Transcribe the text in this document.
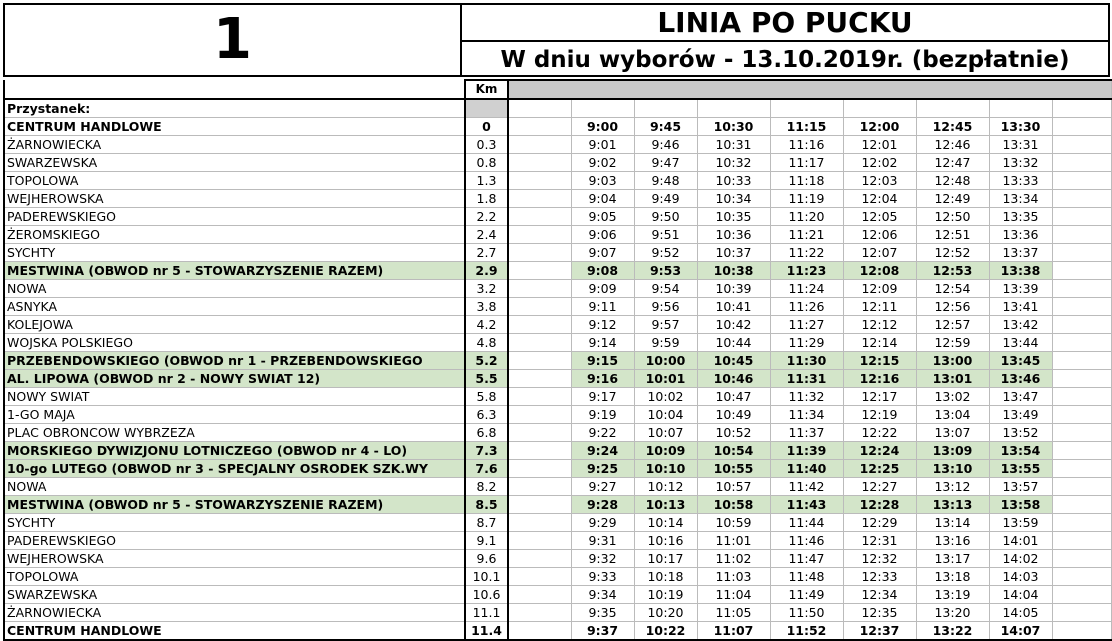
1	LINIA PO PUCKU
W dniu wyborów - 13.10.2019r. (bezpłatnie)
	Km									
Przystanek:										
CENTRUM HANDLOWE	0		9:00	9:45	10:30	11:15	12:00	12:45	13:30	
ŻARNOWIECKA	0.3		9:01	9:46	10:31	11:16	12:01	12:46	13:31	
SWARZEWSKA	0.8		9:02	9:47	10:32	11:17	12:02	12:47	13:32	
TOPOLOWA	1.3		9:03	9:48	10:33	11:18	12:03	12:48	13:33	
WEJHEROWSKA	1.8		9:04	9:49	10:34	11:19	12:04	12:49	13:34	
PADEREWSKIEGO	2.2		9:05	9:50	10:35	11:20	12:05	12:50	13:35	
ŻEROMSKIEGO	2.4		9:06	9:51	10:36	11:21	12:06	12:51	13:36	
SYCHTY	2.7		9:07	9:52	10:37	11:22	12:07	12:52	13:37	
MESTWINA (OBWOD nr 5 - STOWARZYSZENIE RAZEM)	2.9		9:08	9:53	10:38	11:23	12:08	12:53	13:38	
NOWA	3.2		9:09	9:54	10:39	11:24	12:09	12:54	13:39	
ASNYKA	3.8		9:11	9:56	10:41	11:26	12:11	12:56	13:41	
KOLEJOWA	4.2		9:12	9:57	10:42	11:27	12:12	12:57	13:42	
WOJSKA POLSKIEGO	4.8		9:14	9:59	10:44	11:29	12:14	12:59	13:44	
PRZEBENDOWSKIEGO (OBWOD nr 1 - PRZEBENDOWSKIEGO	5.2		9:15	10:00	10:45	11:30	12:15	13:00	13:45	
AL. LIPOWA (OBWOD nr 2 - NOWY SWIAT 12)	5.5		9:16	10:01	10:46	11:31	12:16	13:01	13:46	
NOWY SWIAT	5.8		9:17	10:02	10:47	11:32	12:17	13:02	13:47	
1-GO MAJA	6.3		9:19	10:04	10:49	11:34	12:19	13:04	13:49	
PLAC OBRONCOW WYBRZEZA	6.8		9:22	10:07	10:52	11:37	12:22	13:07	13:52	
MORSKIEGO DYWIZJONU LOTNICZEGO (OBWOD nr 4 - LO)	7.3		9:24	10:09	10:54	11:39	12:24	13:09	13:54	
10-go LUTEGO (OBWOD nr 3 - SPECJALNY OSRODEK SZK.WY	7.6		9:25	10:10	10:55	11:40	12:25	13:10	13:55	
NOWA	8.2		9:27	10:12	10:57	11:42	12:27	13:12	13:57	
MESTWINA (OBWOD nr 5 - STOWARZYSZENIE RAZEM)	8.5		9:28	10:13	10:58	11:43	12:28	13:13	13:58	
SYCHTY	8.7		9:29	10:14	10:59	11:44	12:29	13:14	13:59	
PADEREWSKIEGO	9.1		9:31	10:16	11:01	11:46	12:31	13:16	14:01	
WEJHEROWSKA	9.6		9:32	10:17	11:02	11:47	12:32	13:17	14:02	
TOPOLOWA	10.1		9:33	10:18	11:03	11:48	12:33	13:18	14:03	
SWARZEWSKA	10.6		9:34	10:19	11:04	11:49	12:34	13:19	14:04	
ŻARNOWIECKA	11.1		9:35	10:20	11:05	11:50	12:35	13:20	14:05	
CENTRUM HANDLOWE	11.4		9:37	10:22	11:07	11:52	12:37	13:22	14:07	
